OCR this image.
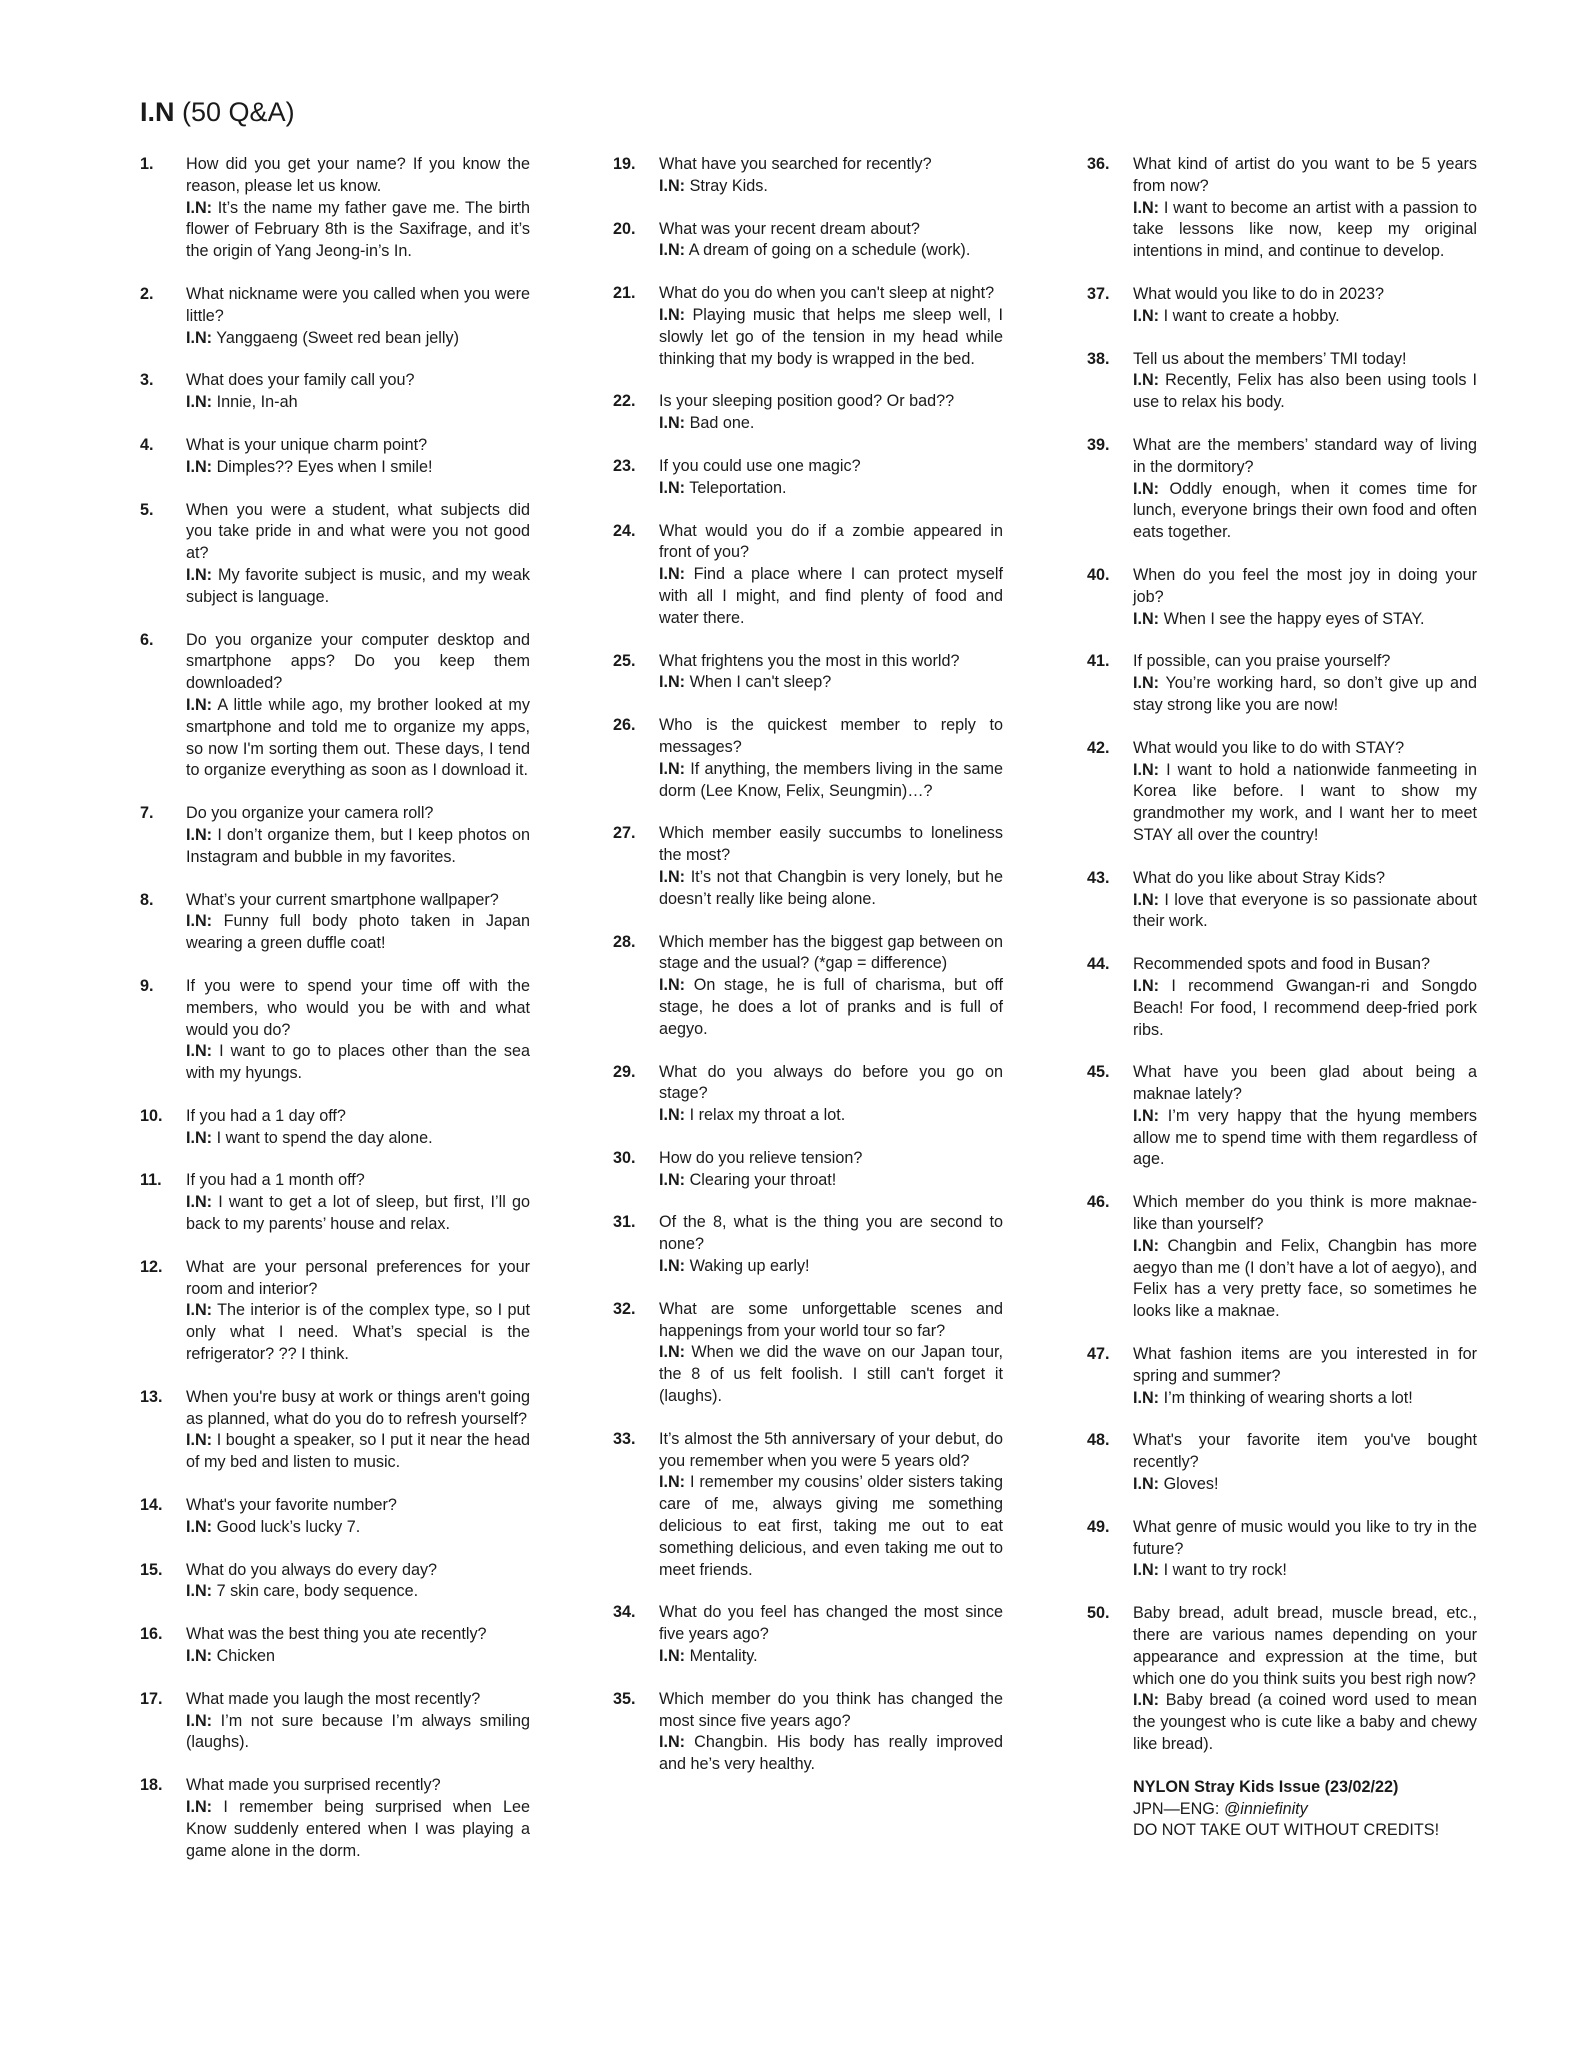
I.N (50 Q&A)
1.	How did you get your name? If you know the reason, please let us know.
I.N: It’s the name my father gave me. The birth flower of February 8th is the Saxifrage, and it’s the origin of Yang Jeong-in’s In.
2.	What nickname were you called when you were little?
I.N: Yanggaeng (Sweet red bean jelly)
3.	What does your family call you?
I.N: Innie, In-ah
4.	What is your unique charm point?
I.N: Dimples?? Eyes when I smile!
5.	When you were a student, what subjects did you take pride in and what were you not good at?
I.N: My favorite subject is music, and my weak subject is language.
6.	Do you organize your computer desktop and smartphone apps? Do you keep them downloaded?
I.N: A little while ago, my brother looked at my smartphone and told me to organize my apps, so now I'm sorting them out. These days, I tend to organize everything as soon as I download it.
7.	Do you organize your camera roll?
I.N: I don’t organize them, but I keep photos on Instagram and bubble in my favorites.
8.	What’s your current smartphone wallpaper?
I.N: Funny full body photo taken in Japan wearing a green duffle coat!
9.	If you were to spend your time off with the members, who would you be with and what would you do?
I.N: I want to go to places other than the sea with my hyungs.
10.	If you had a 1 day off?
I.N: I want to spend the day alone.
11.	If you had a 1 month off?
I.N: I want to get a lot of sleep, but first, I’ll go back to my parents’ house and relax.
12.	What are your personal preferences for your room and interior?
I.N: The interior is of the complex type, so I put only what I need. What’s special is the refrigerator? ?? I think.
13.	When you're busy at work or things aren't going as planned, what do you do to refresh yourself?
I.N: I bought a speaker, so I put it near the head of my bed and listen to music.
14.	What's your favorite number?
I.N: Good luck’s lucky 7.
15.	What do you always do every day?
I.N: 7 skin care, body sequence.
16.	What was the best thing you ate recently?
I.N: Chicken
17.	What made you laugh the most recently?
I.N: I’m not sure because I’m always smiling (laughs).
18.	What made you surprised recently?
I.N: I remember being surprised when Lee Know suddenly entered when I was playing a game alone in the dorm.
19.	What have you searched for recently?
I.N: Stray Kids.
20.	What was your recent dream about?
I.N: A dream of going on a schedule (work).
21.	What do you do when you can't sleep at night?
I.N: Playing music that helps me sleep well, I slowly let go of the tension in my head while thinking that my body is wrapped in the bed.
22.	Is your sleeping position good? Or bad??
I.N: Bad one.
23.	If you could use one magic?
I.N: Teleportation.
24.	What would you do if a zombie appeared in front of you?
I.N: Find a place where I can protect myself with all I might, and find plenty of food and water there.
25.	What frightens you the most in this world?
I.N: When I can't sleep?
26.	Who is the quickest member to reply to messages?
I.N: If anything, the members living in the same dorm (Lee Know, Felix, Seungmin)…?
27.	Which member easily succumbs to loneliness the most?
I.N: It’s not that Changbin is very lonely, but he doesn’t really like being alone.
28.	Which member has the biggest gap between on stage and the usual? (*gap = difference)
I.N: On stage, he is full of charisma, but off stage, he does a lot of pranks and is full of aegyo.
29.	What do you always do before you go on stage?
I.N: I relax my throat a lot.
30.	How do you relieve tension?
I.N: Clearing your throat!
31.	Of the 8, what is the thing you are second to none?
I.N: Waking up early!
32.	What are some unforgettable scenes and happenings from your world tour so far?
I.N: When we did the wave on our Japan tour, the 8 of us felt foolish. I still can't forget it (laughs).
33.	It’s almost the 5th anniversary of your debut, do you remember when you were 5 years old?
I.N: I remember my cousins’ older sisters taking care of me, always giving me something delicious to eat first, taking me out to eat something delicious, and even taking me out to meet friends.
34.	What do you feel has changed the most since five years ago?
I.N: Mentality.
35.	Which member do you think has changed the most since five years ago?
I.N: Changbin. His body has really improved and he’s very healthy.
36.	What kind of artist do you want to be 5 years from now?
I.N: I want to become an artist with a passion to take lessons like now, keep my original intentions in mind, and continue to develop.
37.	What would you like to do in 2023?
I.N: I want to create a hobby.
38.	Tell us about the members’ TMI today!
I.N: Recently, Felix has also been using tools I use to relax his body.
39.	What are the members’ standard way of living in the dormitory?
I.N: Oddly enough, when it comes time for lunch, everyone brings their own food and often eats together.
40.	When do you feel the most joy in doing your job?
I.N: When I see the happy eyes of STAY.
41.	If possible, can you praise yourself?
I.N: You’re working hard, so don’t give up and stay strong like you are now!
42.	What would you like to do with STAY?
I.N: I want to hold a nationwide fanmeeting in Korea like before. I want to show my grandmother my work, and I want her to meet STAY all over the country!
43.	What do you like about Stray Kids?
I.N: I love that everyone is so passionate about their work.
44.	Recommended spots and food in Busan?
I.N: I recommend Gwangan-ri and Songdo Beach! For food, I recommend deep-fried pork ribs.
45.	What have you been glad about being a maknae lately?
I.N: I’m very happy that the hyung members allow me to spend time with them regardless of age.
46.	Which member do you think is more maknae-like than yourself?
I.N: Changbin and Felix, Changbin has more aegyo than me (I don’t have a lot of aegyo), and Felix has a very pretty face, so sometimes he looks like a maknae.
47.	What fashion items are you interested in for spring and summer?
I.N: I’m thinking of wearing shorts a lot!
48.	What's your favorite item you've bought recently?
I.N: Gloves!
49.	What genre of music would you like to try in the future?
I.N: I want to try rock!
50.	Baby bread, adult bread, muscle bread, etc., there are various names depending on your appearance and expression at the time, but which one do you think suits you best righ now?
I.N: Baby bread (a coined word used to mean the youngest who is cute like a baby and chewy like bread).
NYLON Stray Kids Issue (23/02/22)
JPN—ENG: @inniefinity
DO NOT TAKE OUT WITHOUT CREDITS!
